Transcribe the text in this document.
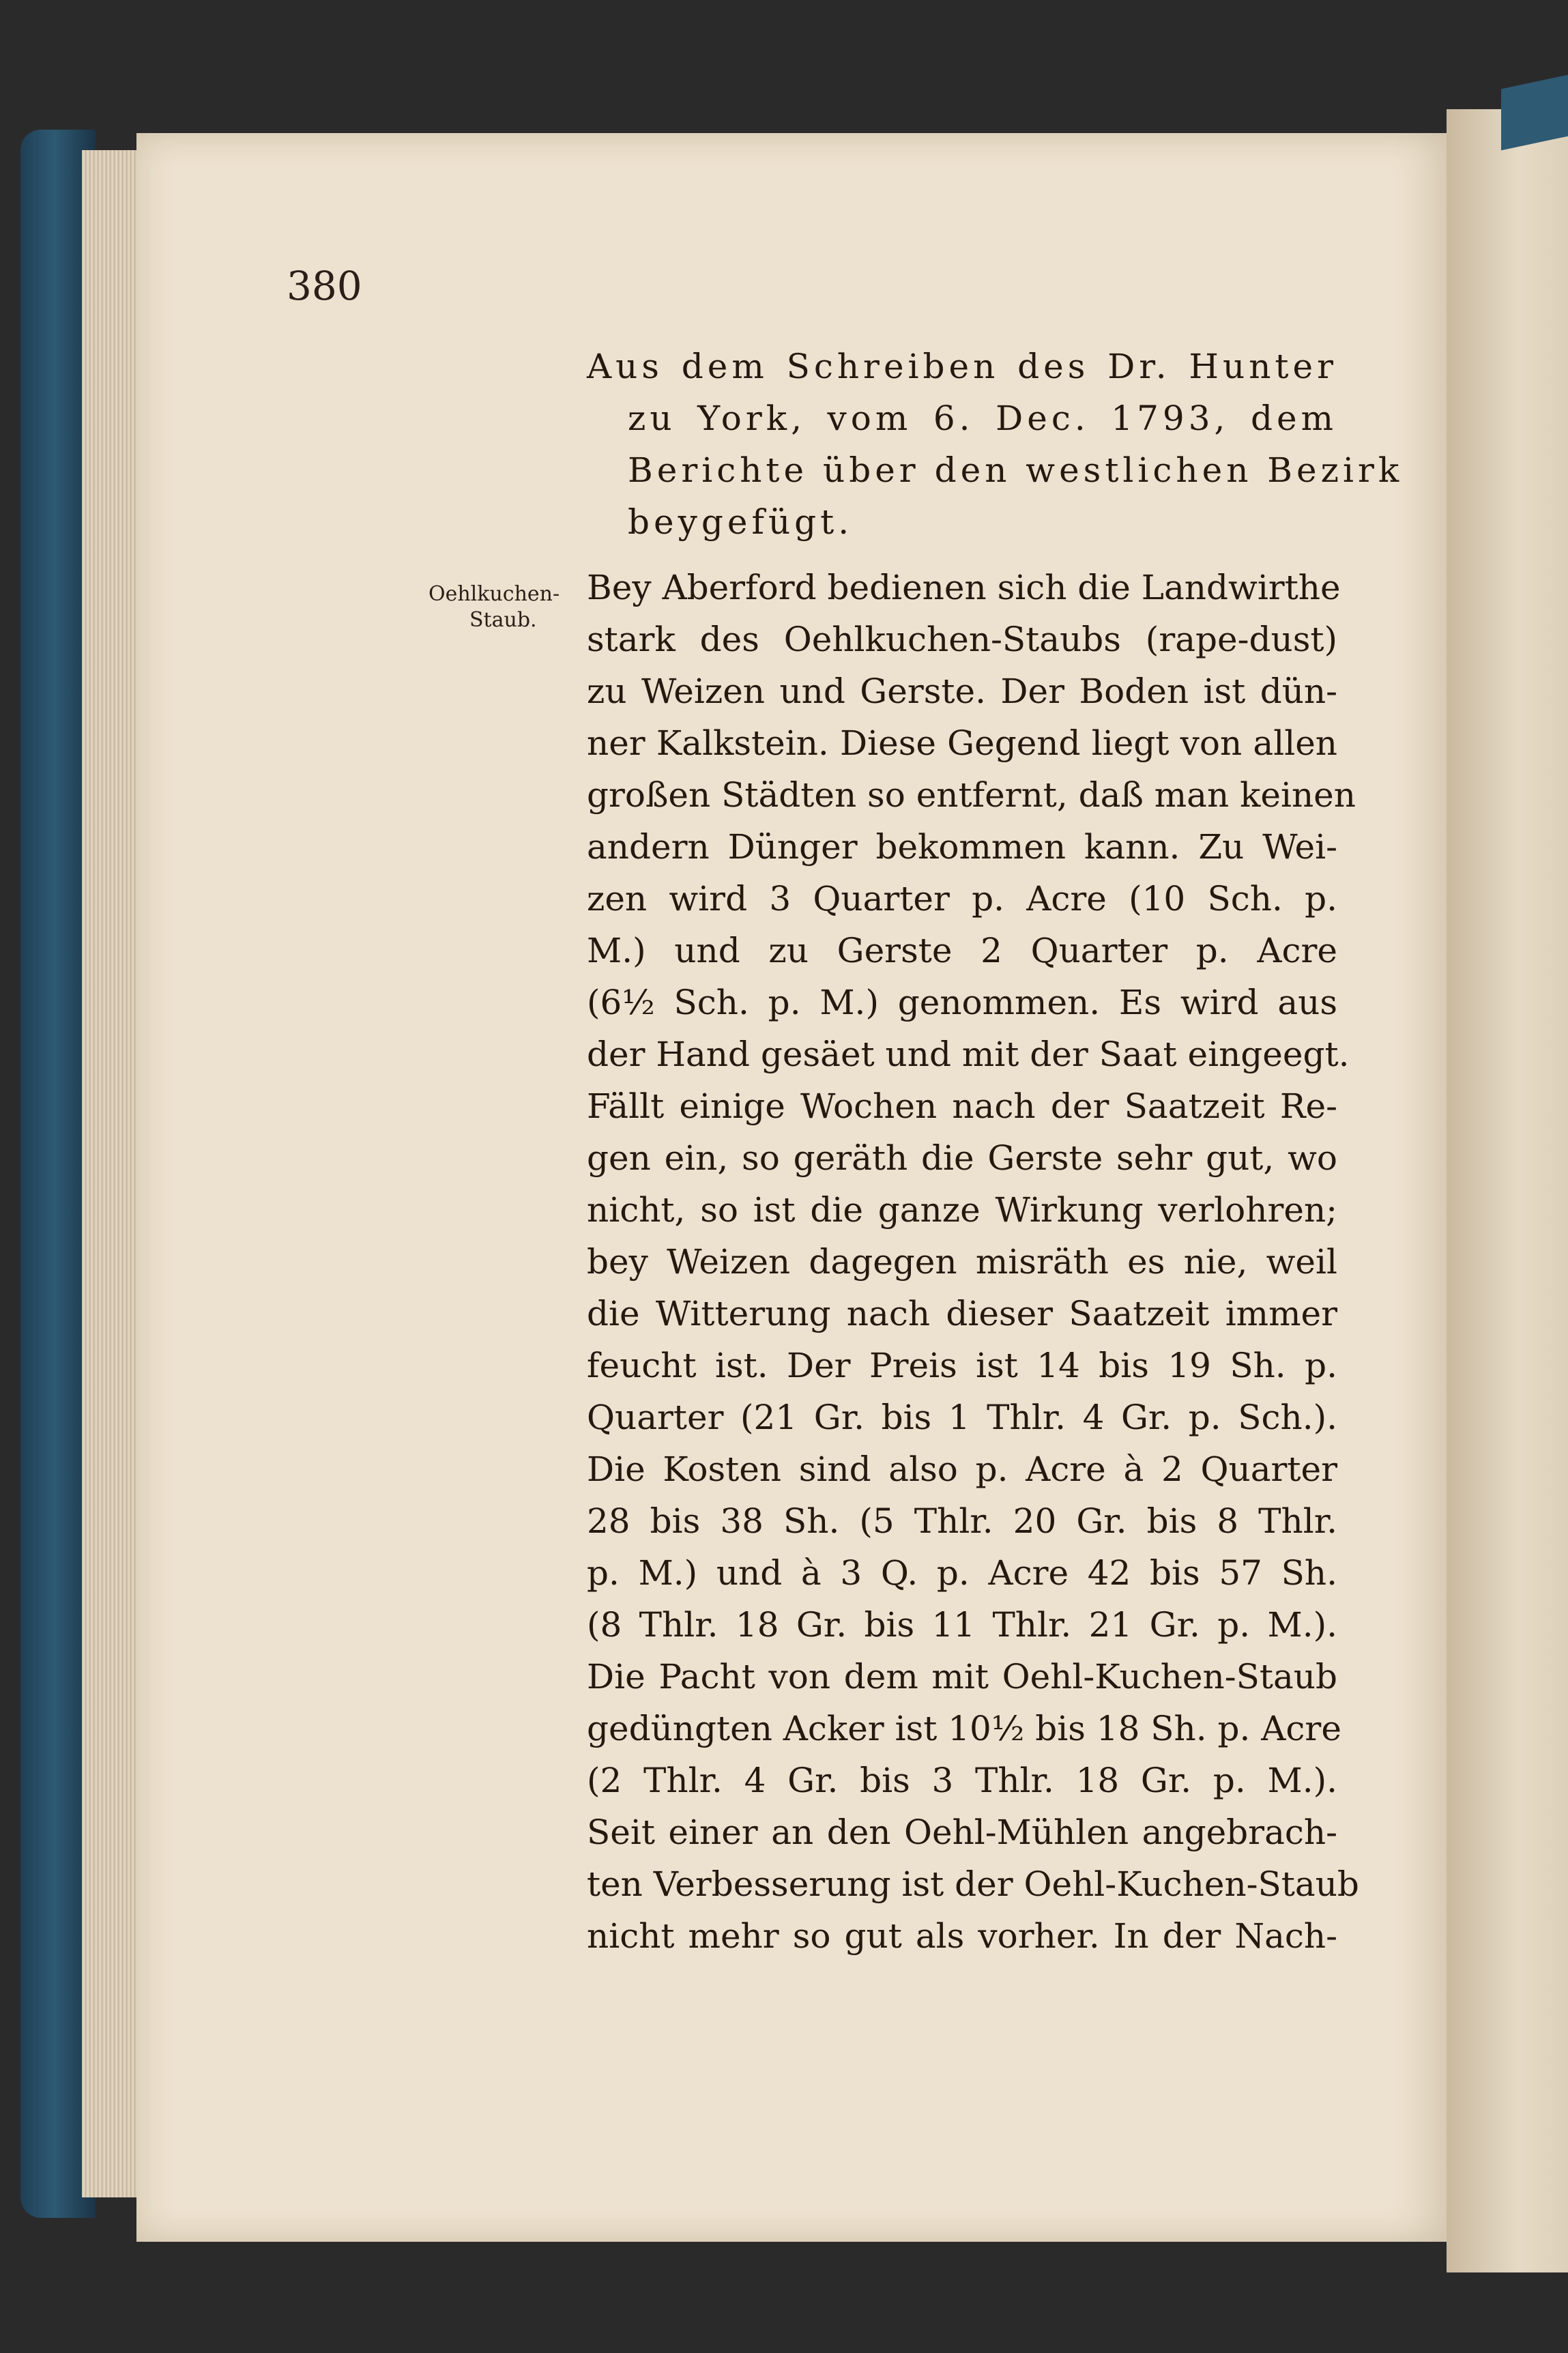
380
Oehlkuchen-
Staub.
Aus dem Schreiben des Dr. Hunter
zu York, vom 6. Dec. 1793, dem
Berichte über den westlichen Bezirk
beygefügt.
Bey Aberford bedienen sich die Landwirthe
stark des Oehlkuchen-Staubs (rape-dust)
zu Weizen und Gerste. Der Boden ist dün-
ner Kalkstein. Diese Gegend liegt von allen
großen Städten so entfernt, daß man keinen
andern Dünger bekommen kann. Zu Wei-
zen wird 3 Quarter p. Acre (10 Sch. p.
M.) und zu Gerste 2 Quarter p. Acre
(6½ Sch. p. M.) genommen. Es wird aus
der Hand gesäet und mit der Saat eingeegt.
Fällt einige Wochen nach der Saatzeit Re-
gen ein, so geräth die Gerste sehr gut, wo
nicht, so ist die ganze Wirkung verlohren;
bey Weizen dagegen misräth es nie, weil
die Witterung nach dieser Saatzeit immer
feucht ist. Der Preis ist 14 bis 19 Sh. p.
Quarter (21 Gr. bis 1 Thlr. 4 Gr. p. Sch.).
Die Kosten sind also p. Acre à 2 Quarter
28 bis 38 Sh. (5 Thlr. 20 Gr. bis 8 Thlr.
p. M.) und à 3 Q. p. Acre 42 bis 57 Sh.
(8 Thlr. 18 Gr. bis 11 Thlr. 21 Gr. p. M.).
Die Pacht von dem mit Oehl-Kuchen-Staub
gedüngten Acker ist 10½ bis 18 Sh. p. Acre
(2 Thlr. 4 Gr. bis 3 Thlr. 18 Gr. p. M.).
Seit einer an den Oehl-Mühlen angebrach-
ten Verbesserung ist der Oehl-Kuchen-Staub
nicht mehr so gut als vorher. In der Nach-
